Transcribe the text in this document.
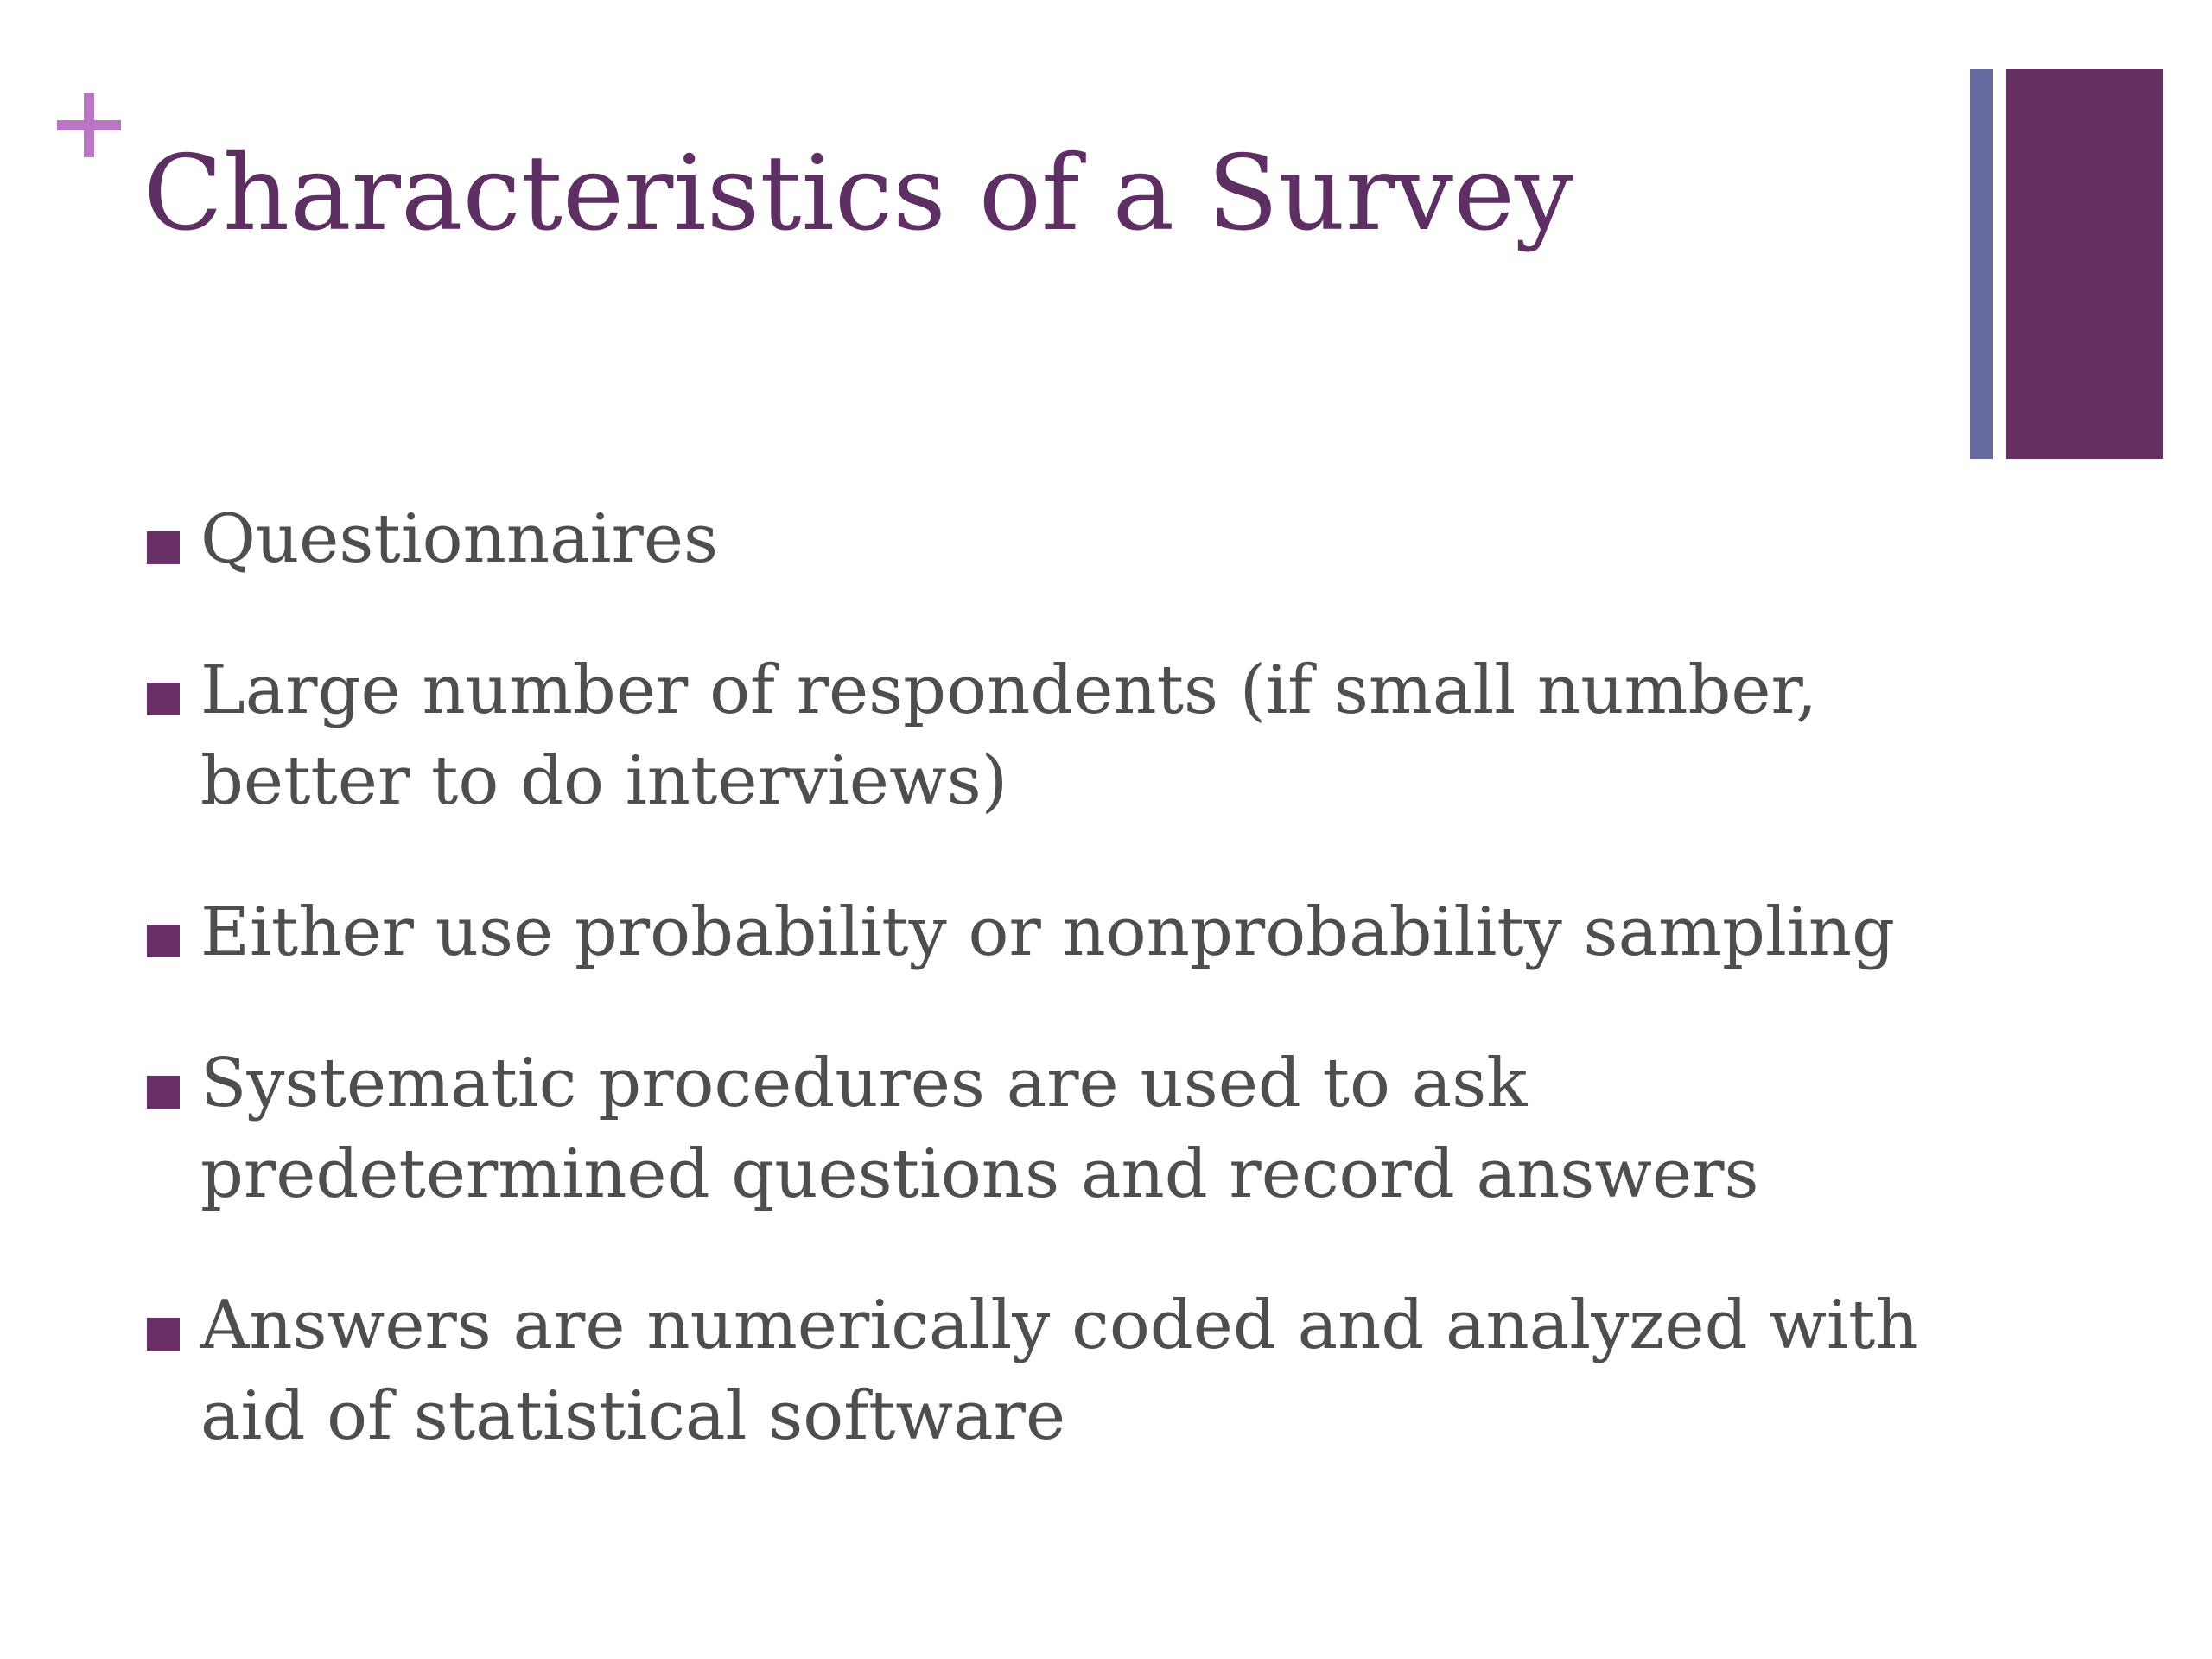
Characteristics of a Survey
Questionnaires
Large number of respondents (if small number, better to do interviews)
Either use probability or nonprobability sampling
Systematic procedures are used to ask predetermined questions and record answers
Answers are numerically coded and analyzed with aid of statistical software
